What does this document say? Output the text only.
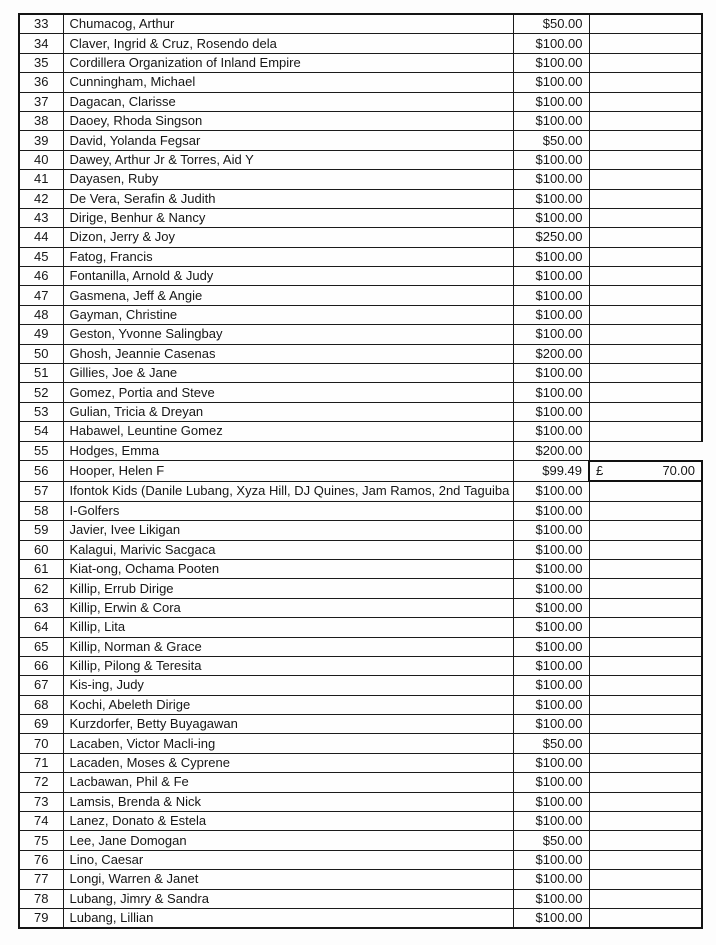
33	Chumacog, Arthur	$50.00	

34	Claver, Ingrid & Cruz, Rosendo dela	$100.00	

35	Cordillera Organization of Inland Empire	$100.00	

36	Cunningham, Michael	$100.00	

37	Dagacan, Clarisse	$100.00	

38	Daoey, Rhoda Singson	$100.00	

39	David, Yolanda Fegsar	$50.00	

40	Dawey, Arthur Jr & Torres, Aid Y	$100.00	

41	Dayasen, Ruby	$100.00	

42	De Vera, Serafin & Judith	$100.00	

43	Dirige, Benhur & Nancy	$100.00	

44	Dizon, Jerry & Joy	$250.00	

45	Fatog, Francis	$100.00	

46	Fontanilla, Arnold & Judy	$100.00	

47	Gasmena, Jeff & Angie	$100.00	

48	Gayman, Christine	$100.00	

49	Geston, Yvonne Salingbay	$100.00	

50	Ghosh, Jeannie Casenas	$200.00	

51	Gillies, Joe & Jane	$100.00	

52	Gomez, Portia and Steve	$100.00	

53	Gulian, Tricia & Dreyan	$100.00	

54	Habawel, Leuntine Gomez	$100.00	

55	Hodges, Emma	$200.00	

56	Hooper, Helen F	$99.49	£ 70.00

57	Ifontok Kids (Danile Lubang, Xyza Hill, DJ Quines, Jam Ramos, 2nd Taguiba	$100.00	

58	I-Golfers	$100.00	

59	Javier, Ivee Likigan	$100.00	

60	Kalagui, Marivic Sacgaca	$100.00	

61	Kiat-ong, Ochama Pooten	$100.00	

62	Killip, Errub Dirige	$100.00	

63	Killip, Erwin & Cora	$100.00	

64	Killip, Lita	$100.00	

65	Killip, Norman & Grace	$100.00	

66	Killip, Pilong & Teresita	$100.00	

67	Kis-ing, Judy	$100.00	

68	Kochi, Abeleth Dirige	$100.00	

69	Kurzdorfer, Betty Buyagawan	$100.00	

70	Lacaben, Victor Macli-ing	$50.00	

71	Lacaden, Moses & Cyprene	$100.00	

72	Lacbawan, Phil & Fe	$100.00	

73	Lamsis, Brenda & Nick	$100.00	

74	Lanez, Donato & Estela	$100.00	

75	Lee, Jane Domogan	$50.00	

76	Lino, Caesar	$100.00	

77	Longi, Warren & Janet	$100.00	

78	Lubang, Jimry & Sandra	$100.00	

79	Lubang, Lillian	$100.00	
